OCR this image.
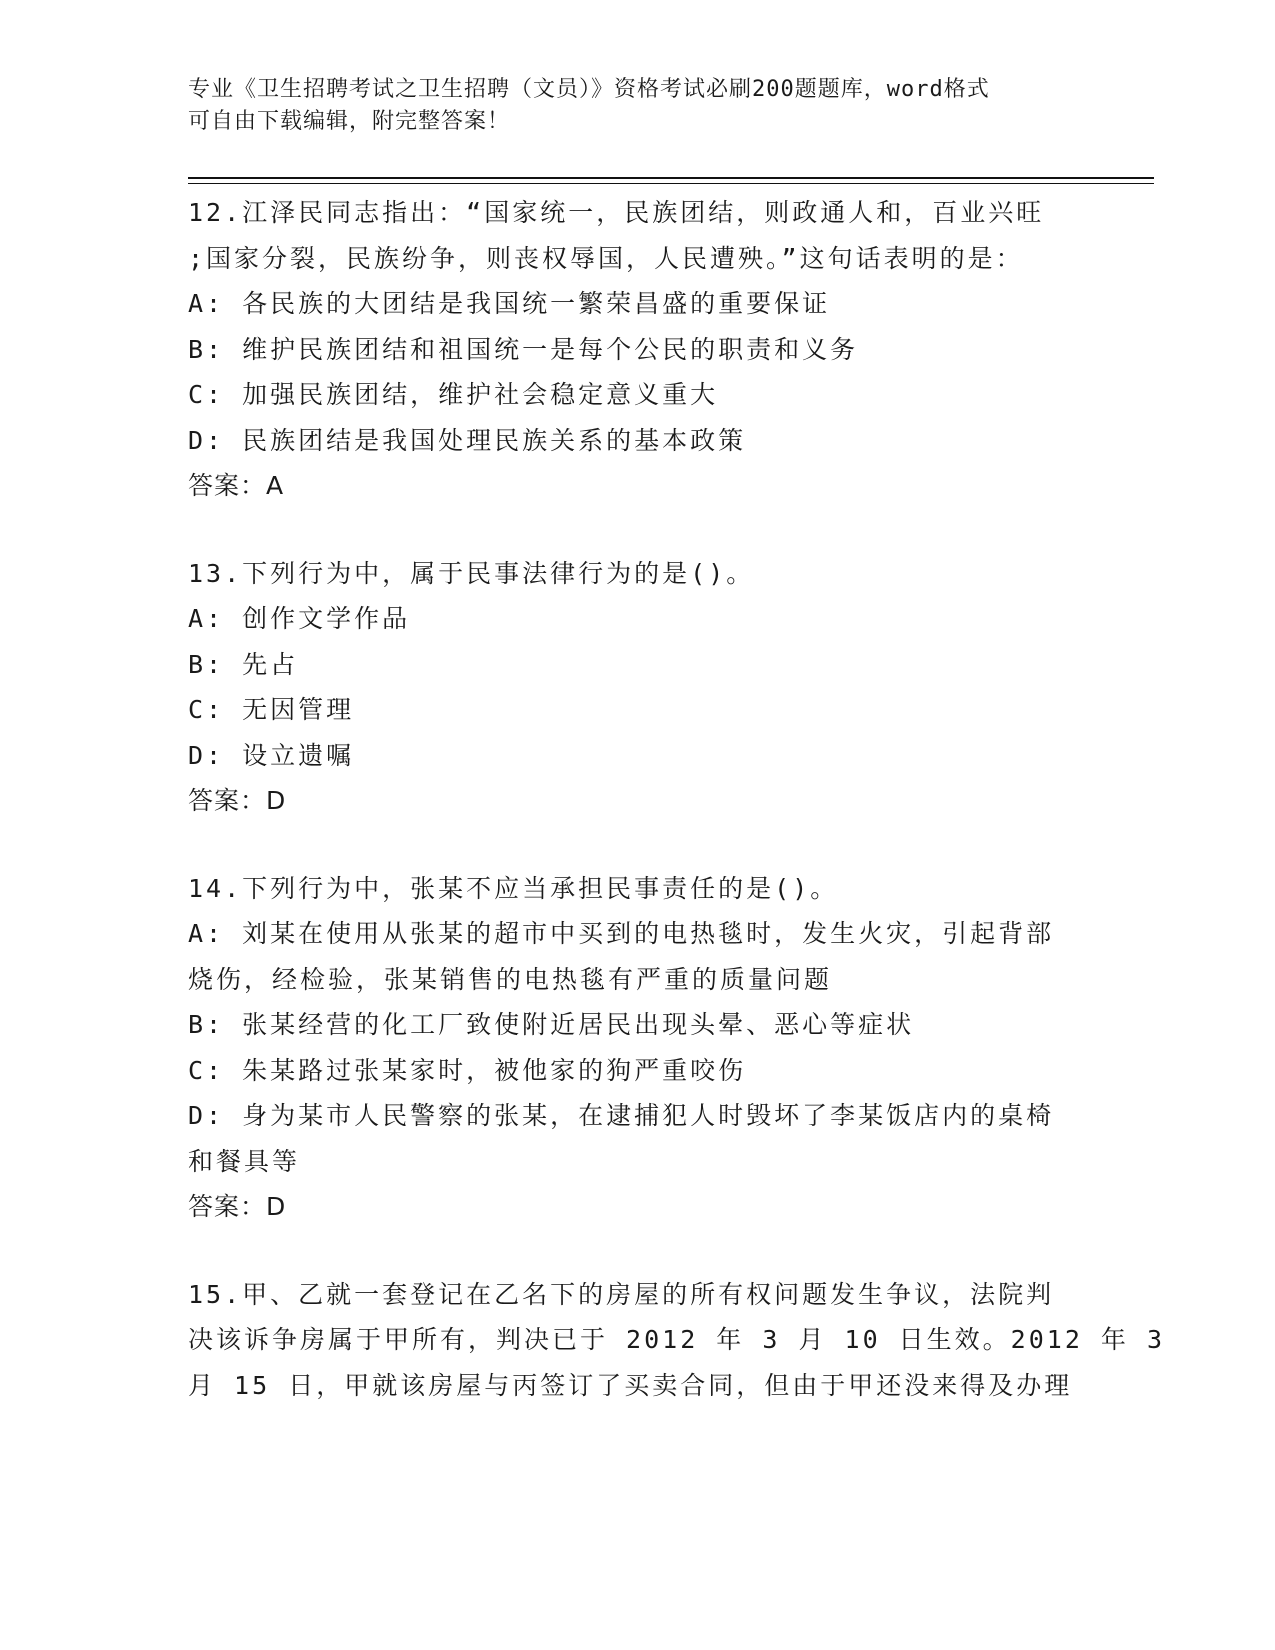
专业《卫生招聘考试之卫生招聘（文员）》资格考试必刷200题题库，word格式
可自由下载编辑，附完整答案！
12.江泽民同志指出：“国家统一，民族团结，则政通人和，百业兴旺
;国家分裂，民族纷争，则丧权辱国，人民遭殃。”这句话表明的是：
A: 各民族的大团结是我国统一繁荣昌盛的重要保证
B: 维护民族团结和祖国统一是每个公民的职责和义务
C: 加强民族团结，维护社会稳定意义重大
D: 民族团结是我国处理民族关系的基本政策
答案：A
13.下列行为中，属于民事法律行为的是()。
A: 创作文学作品
B: 先占
C: 无因管理
D: 设立遗嘱
答案：D
14.下列行为中，张某不应当承担民事责任的是()。
A: 刘某在使用从张某的超市中买到的电热毯时，发生火灾，引起背部
烧伤，经检验，张某销售的电热毯有严重的质量问题
B: 张某经营的化工厂致使附近居民出现头晕、恶心等症状
C: 朱某路过张某家时，被他家的狗严重咬伤
D: 身为某市人民警察的张某，在逮捕犯人时毁坏了李某饭店内的桌椅
和餐具等
答案：D
15.甲、乙就一套登记在乙名下的房屋的所有权问题发生争议，法院判
决该诉争房属于甲所有，判决已于 2012 年 3 月 10 日生效。2012 年 3
月 15 日，甲就该房屋与丙签订了买卖合同，但由于甲还没来得及办理
